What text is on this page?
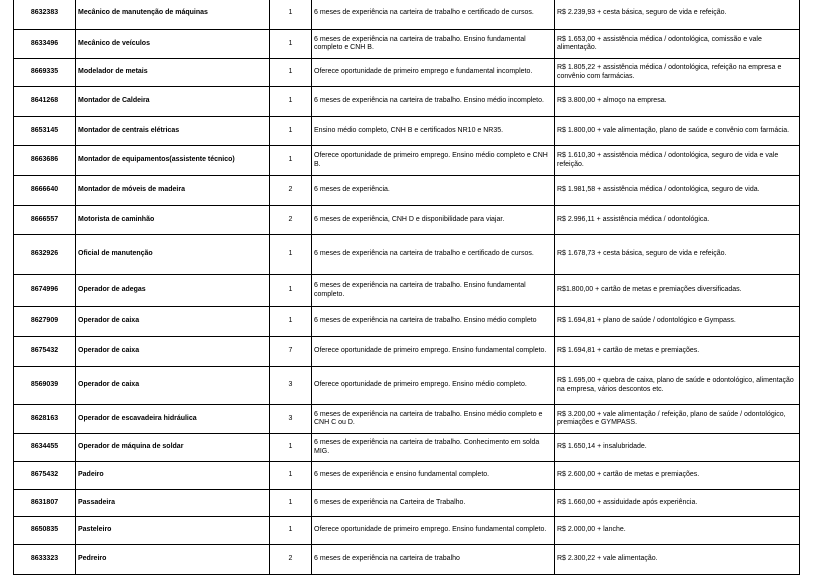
8632383	Mecânico de manutenção de máquinas	1	6 meses de experiência na carteira de trabalho e certificado de cursos.	R$ 2.239,93 + cesta básica, seguro de vida e refeição.
8633496	Mecânico de veículos	1	6 meses de experiência na carteira de trabalho. Ensino fundamental completo e CNH B.	R$ 1.653,00 + assistência médica / odontológica, comissão e vale alimentação.
8669335	Modelador de metais	1	Oferece oportunidade de primeiro emprego e fundamental incompleto.	R$ 1.805,22 + assistência médica / odontológica, refeição na empresa e convênio com farmácias.
8641268	Montador de Caldeira	1	6 meses de experiência na carteira de trabalho. Ensino médio incompleto.	R$ 3.800,00 + almoço na empresa.
8653145	Montador de centrais elétricas	1	Ensino médio completo, CNH B e certificados NR10 e NR35.	R$ 1.800,00 + vale alimentação, plano de saúde e convênio com farmácia.
8663686	Montador de equipamentos(assistente técnico)	1	Oferece oportunidade de primeiro emprego. Ensino médio completo e CNH B.	R$ 1.610,30 + assistência médica / odontológica, seguro de vida e vale refeição.
8666640	Montador de móveis de madeira	2	6 meses de experiência.	R$ 1.981,58 + assistência médica / odontológica, seguro de vida.
8666557	Motorista de caminhão	2	6 meses de experiência, CNH D e disponibilidade para viajar.	R$ 2.996,11 + assistência médica / odontológica.
8632926	Oficial de manutenção	1	6 meses de experiência na carteira de trabalho e certificado de cursos.	R$ 1.678,73 + cesta básica, seguro de vida e refeição.
8674996	Operador de adegas	1	6 meses de experiência na carteira de trabalho. Ensino fundamental completo.	R$1.800,00 + cartão de metas e premiações diversificadas.
8627909	Operador de caixa	1	6 meses de experiência na carteira de trabalho. Ensino médio completo	R$ 1.694,81 + plano de saúde / odontológico e Gympass.
8675432	Operador de caixa	7	Oferece oportunidade de primeiro emprego. Ensino fundamental completo.	R$ 1.694,81 + cartão de metas e premiações.
8569039	Operador de caixa	3	Oferece oportunidade de primeiro emprego. Ensino médio completo.	R$ 1.695,00 + quebra de caixa, plano de saúde e odontológico, alimentação na empresa, vários descontos etc.
8628163	Operador de escavadeira hidráulica	3	6 meses de experiência na carteira de trabalho. Ensino médio completo e CNH C ou D.	R$ 3.200,00 + vale alimentação / refeição, plano de saúde / odontológico, premiações e GYMPASS.
8634455	Operador de máquina de soldar	1	6 meses de experiência na carteira de trabalho. Conhecimento em solda MIG.	R$ 1.650,14 + insalubridade.
8675432	Padeiro	1	6 meses de experiência e ensino fundamental completo.	R$ 2.600,00 + cartão de metas e premiações.
8631807	Passadeira	1	6 meses de experiência na Carteira de Trabalho.	R$ 1.660,00 + assiduidade após experiência.
8650835	Pasteleiro	1	Oferece oportunidade de primeiro emprego. Ensino fundamental completo.	R$ 2.000,00 + lanche.
8633323	Pedreiro	2	6 meses de experiência na carteira de trabalho	R$ 2.300,22 + vale alimentação.
